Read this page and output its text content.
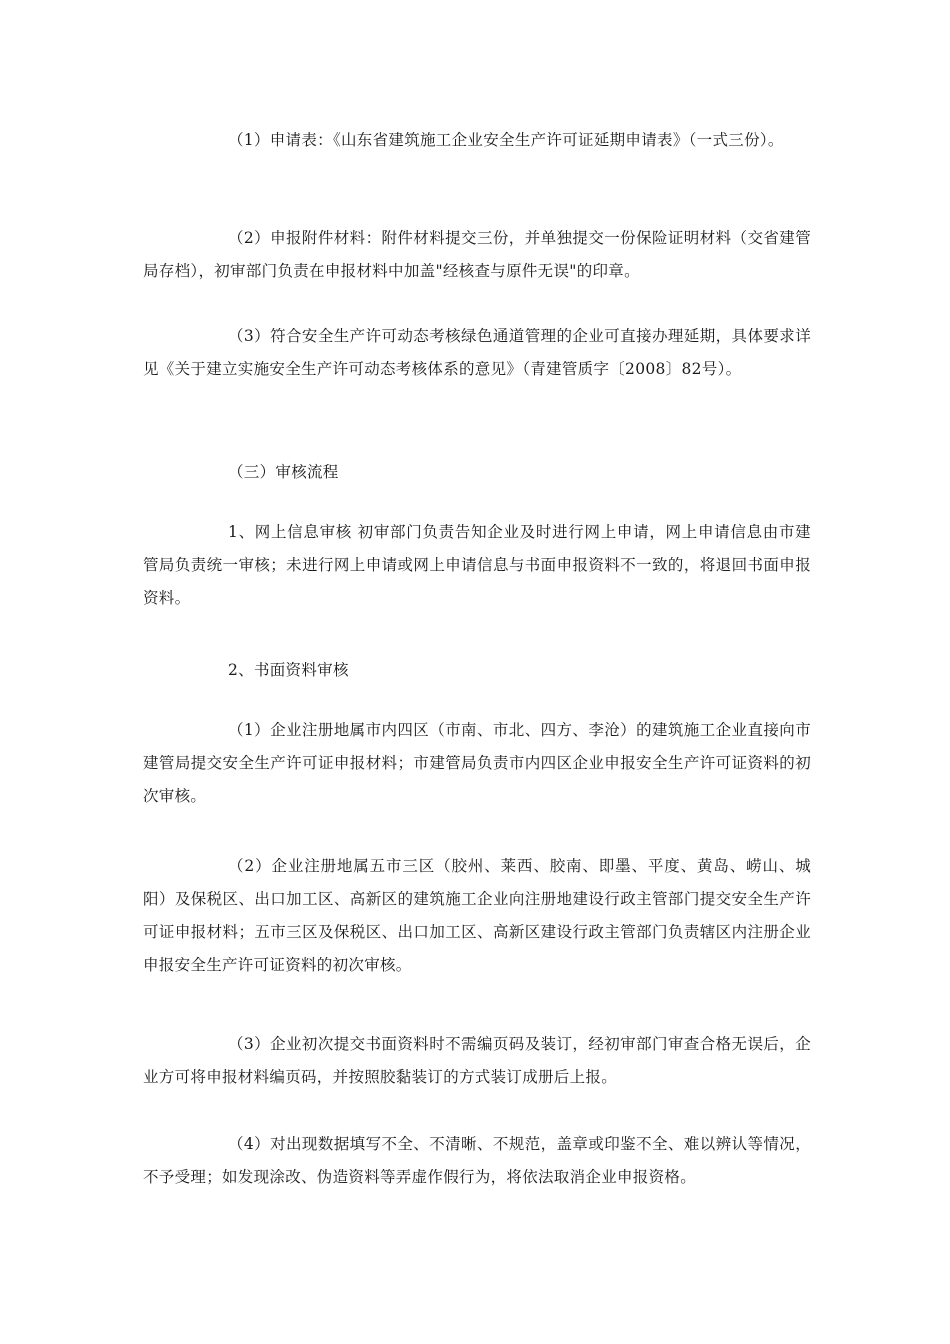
（1）申请表：《山东省建筑施工企业安全生产许可证延期申请表》（一式三份）。

（2）申报附件材料：附件材料提交三份，并单独提交一份保险证明材料（交省建管局存档），初审部门负责在申报材料中加盖"经核查与原件无误"的印章。

（3）符合安全生产许可动态考核绿色通道管理的企业可直接办理延期，具体要求详见《关于建立实施安全生产许可动态考核体系的意见》（青建管质字〔2008〕82号）。

（三）审核流程

1、网上信息审核 初审部门负责告知企业及时进行网上申请，网上申请信息由市建管局负责统一审核；未进行网上申请或网上申请信息与书面申报资料不一致的，将退回书面申报资料。

2、书面资料审核

（1）企业注册地属市内四区（市南、市北、四方、李沧）的建筑施工企业直接向市建管局提交安全生产许可证申报材料；市建管局负责市内四区企业申报安全生产许可证资料的初次审核。

（2）企业注册地属五市三区（胶州、莱西、胶南、即墨、平度、黄岛、崂山、城阳）及保税区、出口加工区、高新区的建筑施工企业向注册地建设行政主管部门提交安全生产许可证申报材料；五市三区及保税区、出口加工区、高新区建设行政主管部门负责辖区内注册企业申报安全生产许可证资料的初次审核。

（3）企业初次提交书面资料时不需编页码及装订，经初审部门审查合格无误后，企业方可将申报材料编页码，并按照胶黏装订的方式装订成册后上报。

（4）对出现数据填写不全、不清晰、不规范，盖章或印鉴不全、难以辨认等情况，不予受理；如发现涂改、伪造资料等弄虚作假行为，将依法取消企业申报资格。
